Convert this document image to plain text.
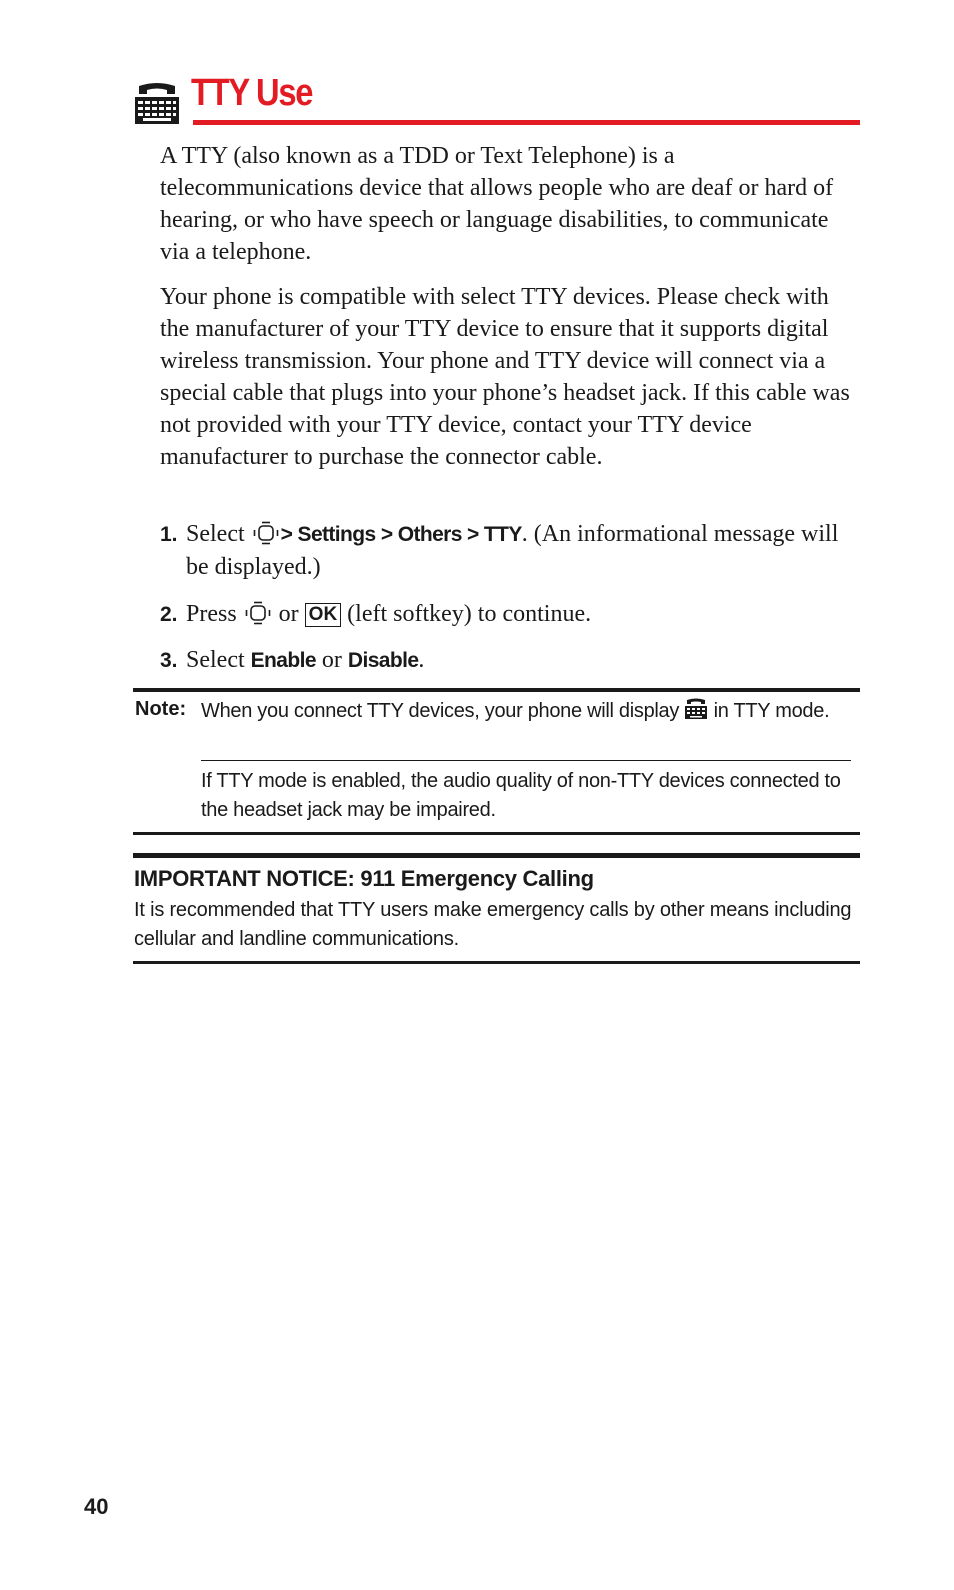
TTY Use

A TTY (also known as a TDD or Text Telephone) is a telecommunications device that allows people who are deaf or hard of hearing, or who have speech or language disabilities, to communicate via a telephone.

Your phone is compatible with select TTY devices. Please check with the manufacturer of your TTY device to ensure that it supports digital wireless transmission. Your phone and TTY device will connect via a special cable that plugs into your phone’s headset jack. If this cable was not provided with your TTY device, contact your TTY device manufacturer to purchase the connector cable.

1. Select > Settings > Others > TTY. (An informational message will be displayed.)
2. Press or OK (left softkey) to continue.
3. Select Enable or Disable.
Note: When you connect TTY devices, your phone will display in TTY mode.
If TTY mode is enabled, the audio quality of non-TTY devices connected to the headset jack may be impaired.
IMPORTANT NOTICE: 911 Emergency Calling
It is recommended that TTY users make emergency calls by other means including cellular and landline communications.
40
